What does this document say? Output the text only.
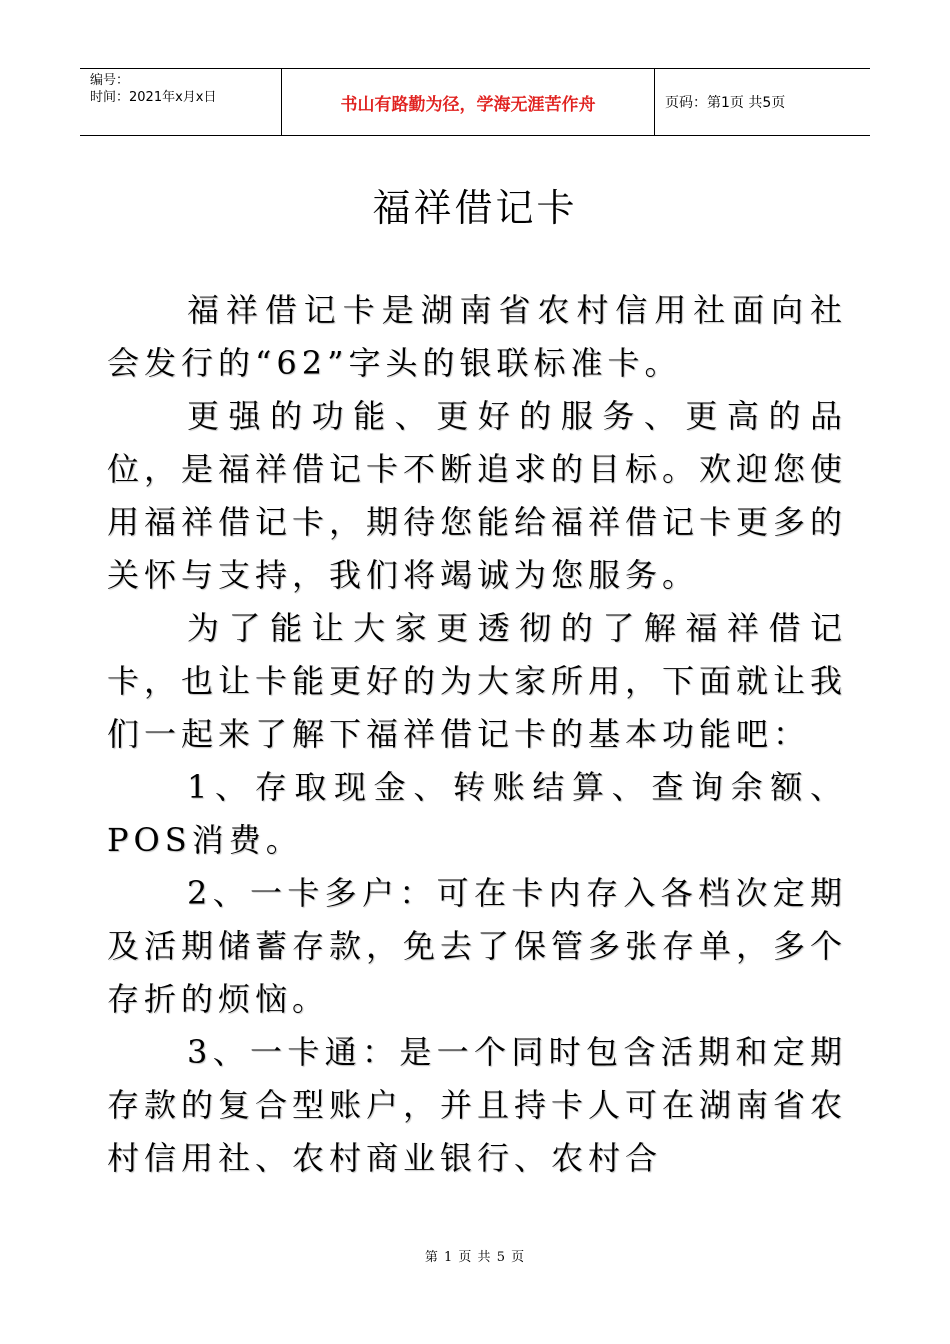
编号：
时间：2021年x月x日	书山有路勤为径，学海无涯苦作舟	页码：第1页 共5页
福祥借记卡

福祥借记卡是湖南省农村信用社面向社会发行的“62”字头的银联标准卡。

更强的功能、更好的服务、更高的品位，是福祥借记卡不断追求的目标。欢迎您使用福祥借记卡，期待您能给福祥借记卡更多的关怀与支持，我们将竭诚为您服务。

为了能让大家更透彻的了解福祥借记卡，也让卡能更好的为大家所用，下面就让我们一起来了解下福祥借记卡的基本功能吧：

1、存取现金、转账结算、查询余额、POS消费。

2、一卡多户：可在卡内存入各档次定期及活期储蓄存款，免去了保管多张存单，多个存折的烦恼。

3、一卡通：是一个同时包含活期和定期存款的复合型账户，并且持卡人可在湖南省农村信用社、农村商业银行、农村合

第 1 页 共 5 页
